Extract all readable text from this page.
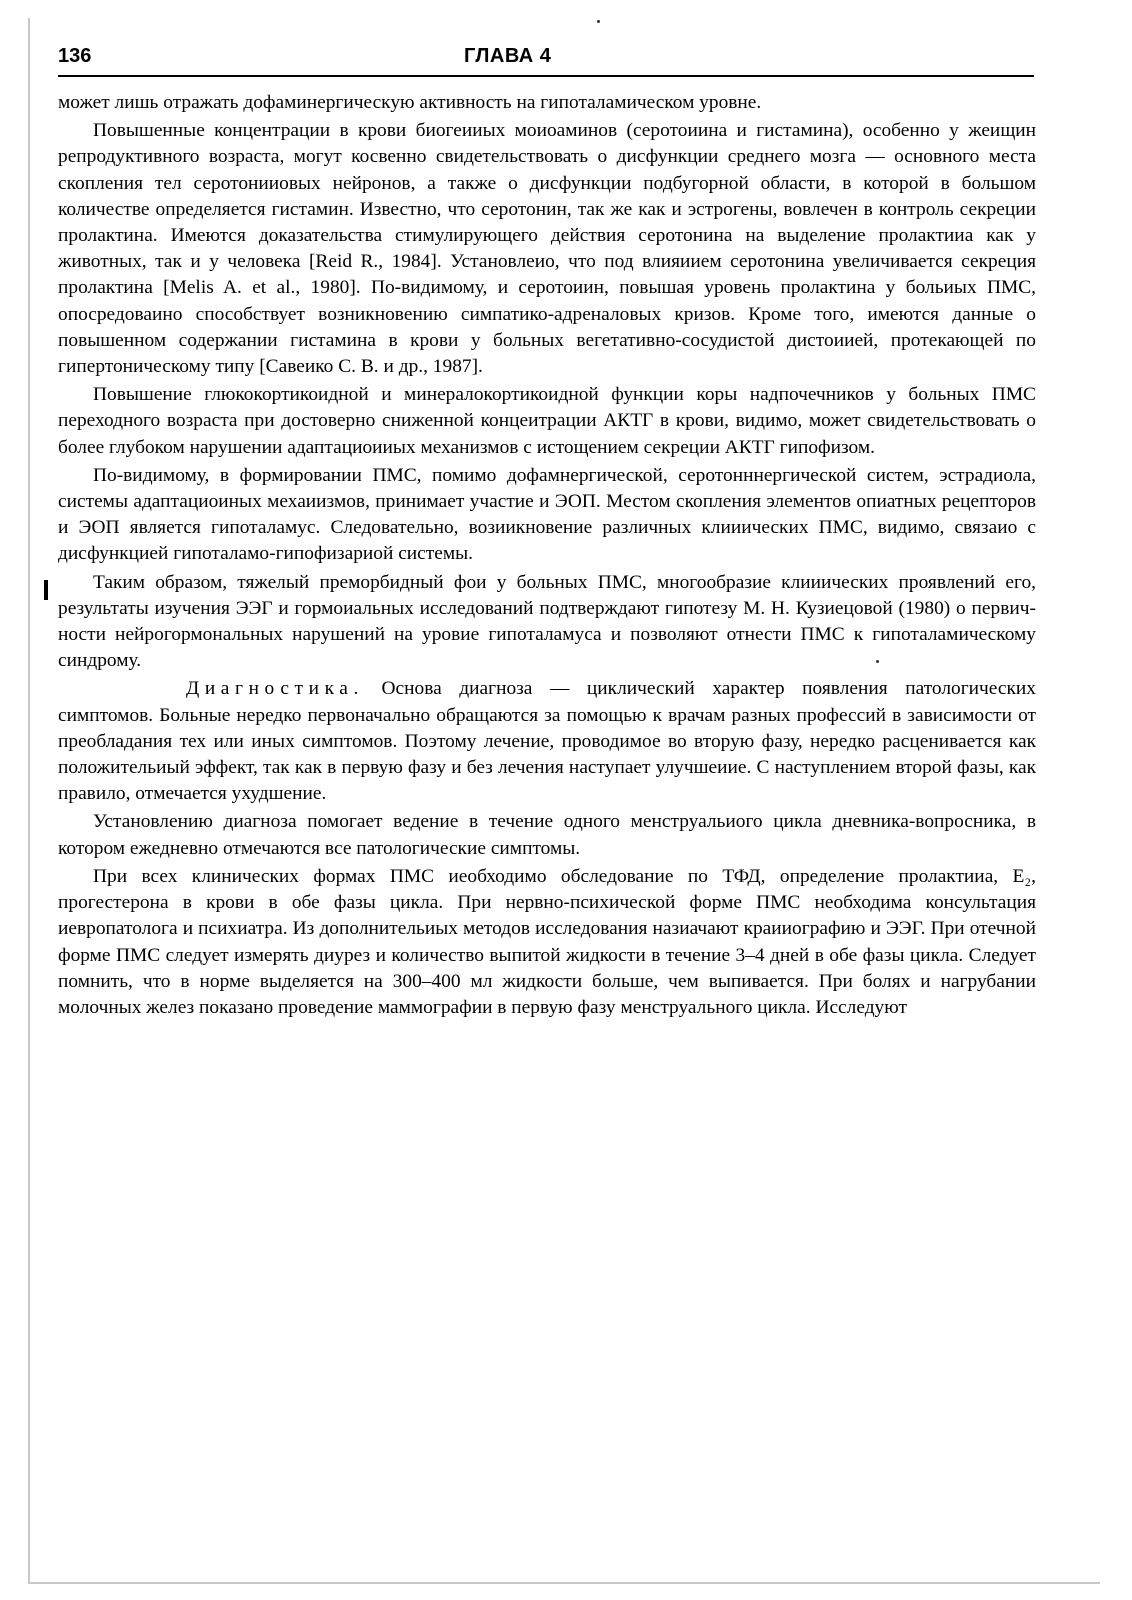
136	ГЛАВА 4

может лишь отражать дофаминергическую активность на гипоталамическом уровне.

Повышенные концентрации в крови биогеииых моиоаминов (серотоиина и гистамина), особенно у жеищин репродуктивного возраста, могут косвенно свидетельствовать о дисфункции среднего мозга — основного места скопления тел серотонииовых нейронов, а также о дисфункции подбугорной области, в которой в большом количестве определяется гистамин. Известно, что серотонин, так же как и эстрогены, вовлечен в контроль секреции пролактина. Имеются доказательства стимулирующего действия серотонина на выделение пролактииа как у животных, так и у человека [Reid R., 1984]. Установлеио, что под влияиием серотонина увеличивается секреция пролактина [Melis A. et al., 1980]. По-видимому, и серотоиин, повышая уровень пролактина у больиых ПМС, опосредоваино способствует возникновению симпатико-адреналовых кризов. Кроме того, имеются данные о повышенном содержании гистамина в крови у больных вегетативно-сосудистой дистоиией, протекающей по гипертоническому типу [Савеико С. В. и др., 1987].

Повышение глюкокортикоидной и минералокортикоидной функции коры надпочечников у больных ПМС переходного возраста при достоверно сниженной концеитрации АКТГ в крови, видимо, может свидетельствовать о более глубоком нарушении адаптациоииых механизмов с истощением секреции АКТГ гипофизом.

По-видимому, в формировании ПМС, помимо дофамнергической, серотонннергической систем, эстрадиола, системы адаптациоиных мехаиизмов, принимает участие и ЭОП. Местом скопления элементов опиатных рецепторов и ЭОП является гипоталамус. Следовательно, возиикновение различных клииических ПМС, видимо, связаио с дисфункцией гипоталамо-гипофизариой системы.

Таким образом, тяжелый преморбидный фои у больных ПМС, многообразие клииических проявлений его, результаты изучения ЭЭГ и гормоиальных исследований подтверждают гипотезу М. Н. Кузиецовой (1980) о первичности нейрогормональных нарушений на уровие гипоталамуса и позволяют отнести ПМС к гипоталамическому синдрому.

Диагностика. Основа диагноза — циклический характер появления патологических симптомов. Больные нередко первоначально обращаются за помощью к врачам разных профессий в зависимости от преобладания тех или иных симптомов. Поэтому лечение, проводимое во вторую фазу, нередко расценивается как положительиый эффект, так как в первую фазу и без лечения наступает улучшеиие. С наступлением второй фазы, как правило, отмечается ухудшение.

Установлению диагноза помогает ведение в течение одного менструальиого цикла дневника-вопросника, в котором ежедневно отмечаются все патологические симптомы.

При всех клинических формах ПМС иеобходимо обследование по ТФД, определение пролактииа, E₂, прогестерона в крови в обе фазы цикла. При нервно-психической форме ПМС необходима консультация иевропатолога и психиатра. Из дополнительиых методов исследования назиачают краииографию и ЭЭГ. При отечной форме ПМС следует измерять диурез и количество выпитой жидкости в течение 3–4 дней в обе фазы цикла. Следует помнить, что в норме выделяется на 300–400 мл жидкости больше, чем выпивается. При болях и нагрубании молочных желез показано проведение маммографии в первую фазу менструального цикла. Исследуют
